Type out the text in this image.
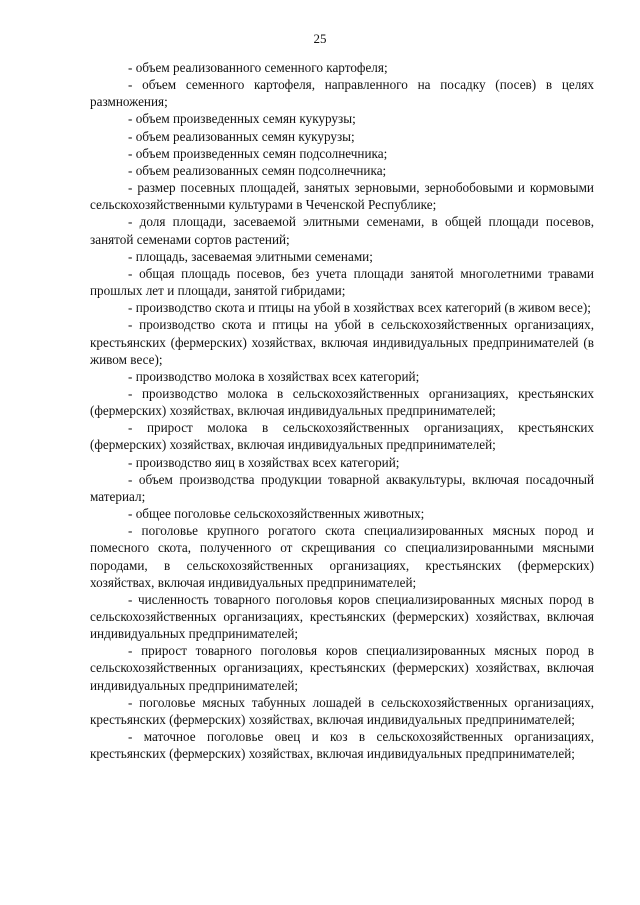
25

- объем реализованного семенного картофеля;

- объем семенного картофеля, направленного на посадку (посев) в целях размножения;

- объем произведенных семян кукурузы;

- объем реализованных семян кукурузы;

- объем произведенных семян подсолнечника;

- объем реализованных семян подсолнечника;

- размер посевных площадей, занятых зерновыми, зернобобовыми и кормовыми сельскохозяйственными культурами в Чеченской Республике;

- доля площади, засеваемой элитными семенами, в общей площади посевов, занятой семенами сортов растений;

- площадь, засеваемая элитными семенами;

- общая площадь посевов, без учета площади занятой многолетними травами прошлых лет и площади, занятой гибридами;

- производство скота и птицы на убой в хозяйствах всех категорий (в живом весе);

- производство скота и птицы на убой в сельскохозяйственных организациях, крестьянских (фермерских) хозяйствах, включая индивидуальных предпринимателей (в живом весе);

- производство молока в хозяйствах всех категорий;

- производство молока в сельскохозяйственных организациях, крестьянских (фермерских) хозяйствах, включая индивидуальных предпринимателей;

- прирост молока в сельскохозяйственных организациях, крестьянских (фермерских) хозяйствах, включая индивидуальных предпринимателей;

- производство яиц в хозяйствах всех категорий;

- объем производства продукции товарной аквакультуры, включая посадочный материал;

- общее поголовье сельскохозяйственных животных;

- поголовье крупного рогатого скота специализированных мясных пород и помесного скота, полученного от скрещивания со специализированными мясными породами, в сельскохозяйственных организациях, крестьянских (фермерских) хозяйствах, включая индивидуальных предпринимателей;

- численность товарного поголовья коров специализированных мясных пород в сельскохозяйственных организациях, крестьянских (фермерских) хозяйствах, включая индивидуальных предпринимателей;

- прирост товарного поголовья коров специализированных мясных пород в сельскохозяйственных организациях, крестьянских (фермерских) хозяйствах, включая индивидуальных предпринимателей;

- поголовье мясных табунных лошадей в сельскохозяйственных организациях, крестьянских (фермерских) хозяйствах, включая индивидуальных предпринимателей;

- маточное поголовье овец и коз в сельскохозяйственных организациях, крестьянских (фермерских) хозяйствах, включая индивидуальных предпринимателей;
